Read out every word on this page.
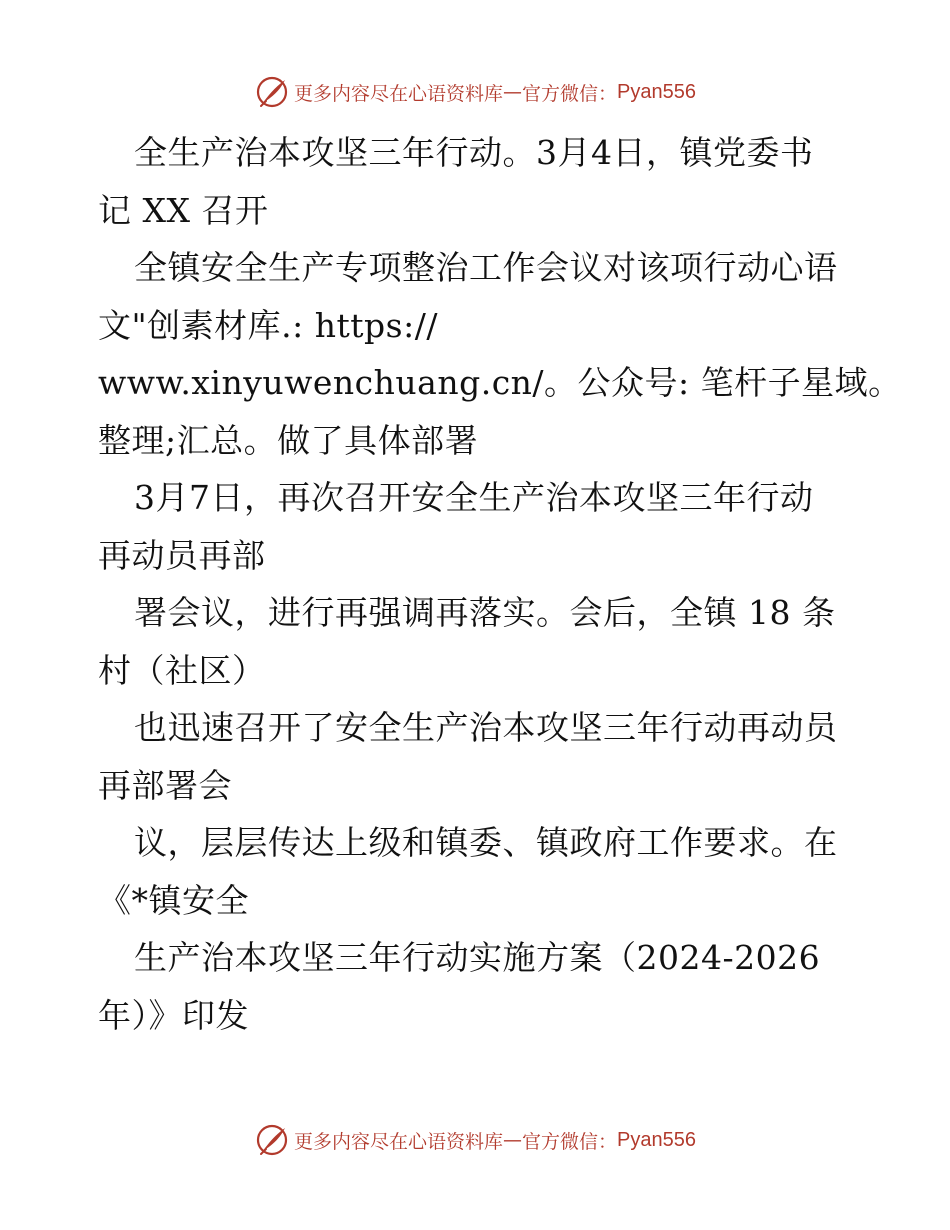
更多内容尽在心语资料库 — 官方微信： Pyan556
全生产治本攻坚三年行动。3月4日，镇党委书
记 XX 召开
全镇安全生产专项整治工作会议对该项行动心语
文"创素材库.: https://
www.xinyuwenchuang.cn/。公众号: 笔杆子星域。
整理;汇总。做了具体部署
3月7日，再次召开安全生产治本攻坚三年行动
再动员再部
署会议，进行再强调再落实。会后，全镇 18 条
村（社区）
也迅速召开了安全生产治本攻坚三年行动再动员
再部署会
议，层层传达上级和镇委、镇政府工作要求。在
《*镇安全
生产治本攻坚三年行动实施方案（2024-2026
年）》印发
更多内容尽在心语资料库 — 官方微信： Pyan556
